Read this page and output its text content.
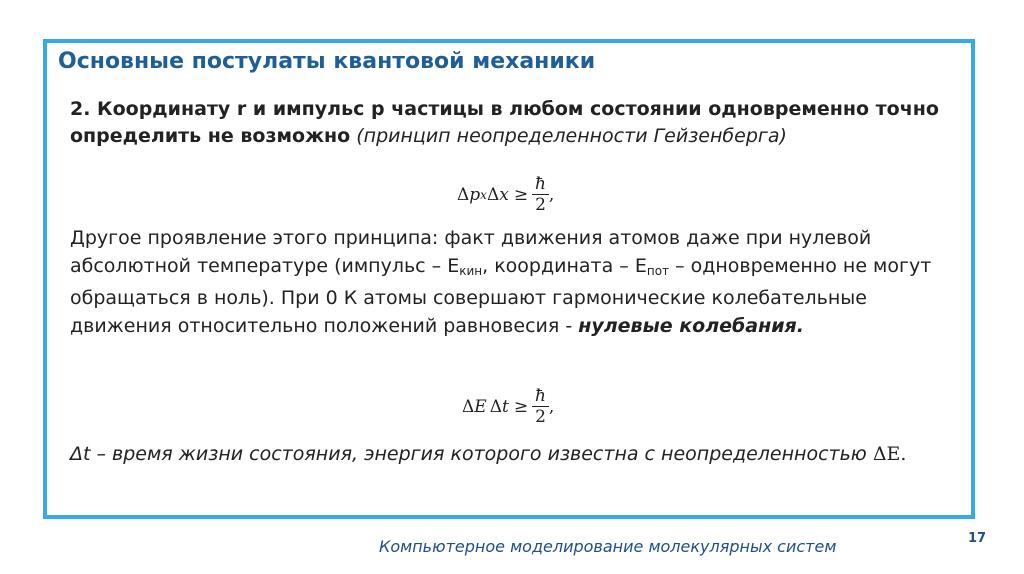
Основные постулаты квантовой механики
2. Координату r и импульс p частицы в любом состоянии одновременно точно определить не возможно (принцип неопределенности Гейзенберга)
Δ p x Δ $x \ge \frac{ħ}{2}$ ,
Другое проявление этого принципа: факт движения атомов даже при нулевой абсолютной температуре (импульс – $E_{кин}$, координата – $E_{пот}$ – одновременно не могут обращаться в ноль). При 0 К атомы совершают гармонические колебательные движения относительно положений равновесия - нулевые колебания.
Δ E Δ $t \ge \frac{ħ}{2}$ ,
Δt – время жизни состояния, энергия которого известна с неопределенностью ΔE.
Компьютерное моделирование молекулярных систем	17
